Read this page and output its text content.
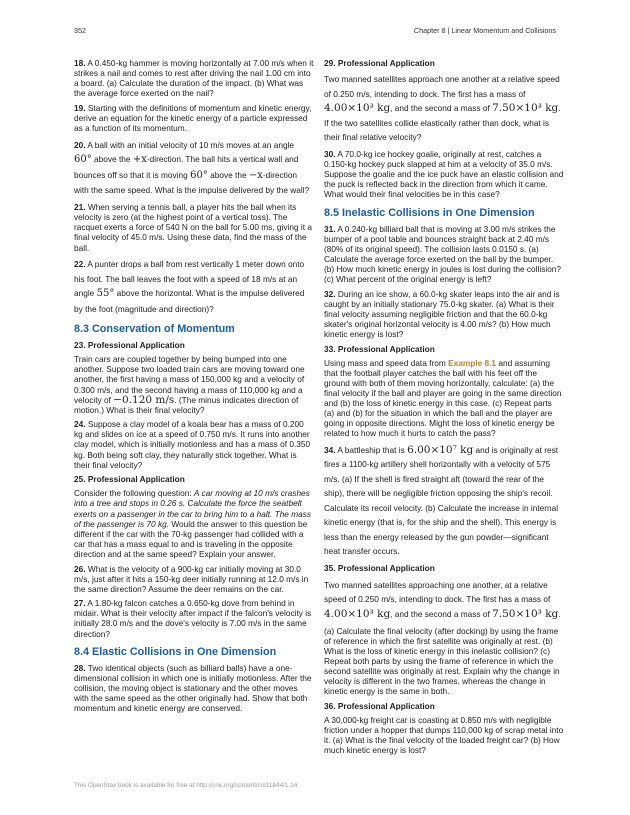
352	Chapter 8 | Linear Momentum and Collisions

18. A 0.450-kg hammer is moving horizontally at 7.00 m/s when it strikes a nail and comes to rest after driving the nail 1.00 cm into a board. (a) Calculate the duration of the impact. (b) What was the average force exerted on the nail?

19. Starting with the definitions of momentum and kinetic energy, derive an equation for the kinetic energy of a particle expressed as a function of its momentum.

20. A ball with an initial velocity of 10 m/s moves at an angle 60° above the +x-direction. The ball hits a vertical wall and bounces off so that it is moving 60° above the −x-direction with the same speed. What is the impulse delivered by the wall?

21. When serving a tennis ball, a player hits the ball when its velocity is zero (at the highest point of a vertical toss). The racquet exerts a force of 540 N on the ball for 5.00 ms, giving it a final velocity of 45.0 m/s. Using these data, find the mass of the ball.

22. A punter drops a ball from rest vertically 1 meter down onto his foot. The ball leaves the foot with a speed of 18 m/s at an angle 55° above the horizontal. What is the impulse delivered by the foot (magnitude and direction)?

8.3 Conservation of Momentum

23. Professional Application

Train cars are coupled together by being bumped into one another. Suppose two loaded train cars are moving toward one another, the first having a mass of 150,000 kg and a velocity of 0.300 m/s, and the second having a mass of 110,000 kg and a velocity of −0.120 m/s. (The minus indicates direction of motion.) What is their final velocity?

24. Suppose a clay model of a koala bear has a mass of 0.200 kg and slides on ice at a speed of 0.750 m/s. It runs into another clay model, which is initially motionless and has a mass of 0.350 kg. Both being soft clay, they naturally stick together. What is their final velocity?

25. Professional Application

Consider the following question: A car moving at 10 m/s crashes into a tree and stops in 0.26 s. Calculate the force the seatbelt exerts on a passenger in the car to bring him to a halt. The mass of the passenger is 70 kg. Would the answer to this question be different if the car with the 70-kg passenger had collided with a car that has a mass equal to and is traveling in the opposite direction and at the same speed? Explain your answer.

26. What is the velocity of a 900-kg car initially moving at 30.0 m/s, just after it hits a 150-kg deer initially running at 12.0 m/s in the same direction? Assume the deer remains on the car.

27. A 1.80-kg falcon catches a 0.650-kg dove from behind in midair. What is their velocity after impact if the falcon's velocity is initially 28.0 m/s and the dove's velocity is 7.00 m/s in the same direction?

8.4 Elastic Collisions in One Dimension

28. Two identical objects (such as billiard balls) have a one-dimensional collision in which one is initially motionless. After the collision, the moving object is stationary and the other moves with the same speed as the other originally had. Show that both momentum and kinetic energy are conserved.

29. Professional Application

Two manned satellites approach one another at a relative speed of 0.250 m/s, intending to dock. The first has a mass of 4.00×10³ kg, and the second a mass of 7.50×10³ kg. If the two satellites collide elastically rather than dock, what is their final relative velocity?

30. A 70.0-kg ice hockey goalie, originally at rest, catches a 0.150-kg hockey puck slapped at him at a velocity of 35.0 m/s. Suppose the goalie and the ice puck have an elastic collision and the puck is reflected back in the direction from which it came. What would their final velocities be in this case?

8.5 Inelastic Collisions in One Dimension

31. A 0.240-kg billiard ball that is moving at 3.00 m/s strikes the bumper of a pool table and bounces straight back at 2.40 m/s (80% of its original speed). The collision lasts 0.0150 s. (a) Calculate the average force exerted on the ball by the bumper. (b) How much kinetic energy in joules is lost during the collision? (c) What percent of the original energy is left?

32. During an ice show, a 60.0-kg skater leaps into the air and is caught by an initially stationary 75.0-kg skater. (a) What is their final velocity assuming negligible friction and that the 60.0-kg skater's original horizontal velocity is 4.00 m/s? (b) How much kinetic energy is lost?

33. Professional Application

Using mass and speed data from Example 8.1 and assuming that the football player catches the ball with his feet off the ground with both of them moving horizontally, calculate: (a) the final velocity if the ball and player are going in the same direction and (b) the loss of kinetic energy in this case. (c) Repeat parts (a) and (b) for the situation in which the ball and the player are going in opposite directions. Might the loss of kinetic energy be related to how much it hurts to catch the pass?

34. A battleship that is 6.00×10⁷ kg and is originally at rest fires a 1100-kg artillery shell horizontally with a velocity of 575 m/s. (a) If the shell is fired straight aft (toward the rear of the ship), there will be negligible friction opposing the ship's recoil. Calculate its recoil velocity. (b) Calculate the increase in internal kinetic energy (that is, for the ship and the shell). This energy is less than the energy released by the gun powder—significant heat transfer occurs.

35. Professional Application

Two manned satellites approaching one another, at a relative speed of 0.250 m/s, intending to dock. The first has a mass of 4.00×10³ kg, and the second a mass of 7.50×10³ kg.

(a) Calculate the final velocity (after docking) by using the frame of reference in which the first satellite was originally at rest. (b) What is the loss of kinetic energy in this inelastic collision? (c) Repeat both parts by using the frame of reference in which the second satellite was originally at rest. Explain why the change in velocity is different in the two frames, whereas the change in kinetic energy is the same in both.

36. Professional Application

A 30,000-kg freight car is coasting at 0.850 m/s with negligible friction under a hopper that dumps 110,000 kg of scrap metal into it. (a) What is the final velocity of the loaded freight car? (b) How much kinetic energy is lost?

This OpenStax book is available for free at http://cnx.org/content/col11844/1.14
